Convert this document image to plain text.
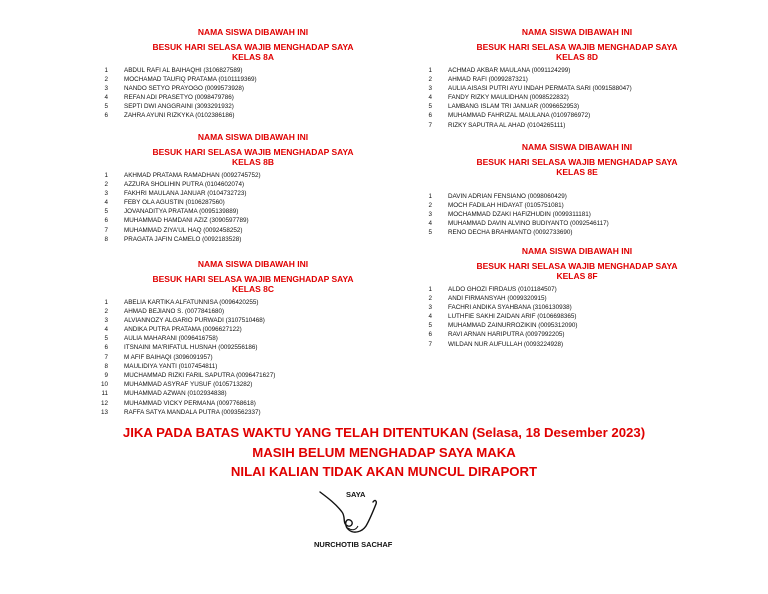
NAMA SISWA DIBAWAH INI
BESUK HARI SELASA WAJIB MENGHADAP SAYA
KELAS 8A
1	ABDUL RAFI AL BAIHAQHI (3106827589)
2	MOCHAMAD TAUFIQ PRATAMA (0101119369)
3	NANDO SETYO PRAYOGO (0099573928)
4	REFAN ADI PRASETYO (0098479786)
5	SEPTI DWI ANGGRAINI (3093291932)
6	ZAHRA AYUNI RIZKYKA (0102386186)
NAMA SISWA DIBAWAH INI
BESUK HARI SELASA WAJIB MENGHADAP SAYA
KELAS 8B
1	AKHMAD PRATAMA RAMADHAN (0092745752)
2	AZZURA SHOLIHIN PUTRA (0104602074)
3	FAKHRI MAULANA JANUAR (0104732723)
4	FEBY OLA AGUSTIN (0106287560)
5	JOVANADITYA PRATAMA (0095139889)
6	MUHAMMAD HAMDANI AZIZ (3090597789)
7	MUHAMMAD ZIYA'UL HAQ (0092458252)
8	PRAGATA JAFIN CAMELO (0092183528)
NAMA SISWA DIBAWAH INI
BESUK HARI SELASA WAJIB MENGHADAP SAYA
KELAS 8C
1	ABELIA KARTIKA ALFATUNNISA (0096420255)
2	AHMAD BEJIANO S. (0077841680)
3	ALVIANNOZY ALGARIO PURWADI (3107510468)
4	ANDIKA PUTRA PRATAMA (0096627122)
5	AULIA MAHARANI (0096416758)
6	ITSNAINI MA'RIFATUL HUSNAH (0092556186)
7	M AFIF BAIHAQI (3096091957)
8	MAULIDIYA YANTI (0107454811)
9	MUCHAMMAD RIZKI FARIL SAPUTRA (0096471627)
10	MUHAMMAD ASYRAF YUSUF (0105713282)
11	MUHAMMAD AZWAN (0102934838)
12	MUHAMMAD VICKY PERMANA (0097768618)
13	RAFFA SATYA MANDALA PUTRA (0093562337)
NAMA SISWA DIBAWAH INI
BESUK HARI SELASA WAJIB MENGHADAP SAYA
KELAS 8D
1	ACHMAD AKBAR MAULANA (0091124299)
2	AHMAD RAFI (0099287321)
3	AULIA AISASI PUTRI AYU INDAH PERMATA SARI (0091588047)
4	FANDY RIZKY MAULIDHAN (0098522832)
5	LAMBANG ISLAM TRI JANUAR (0096652953)
6	MUHAMMAD FAHRIZAL MAULANA (0109786972)
7	RIZKY SAPUTRA AL AHAD (0104265111)
NAMA SISWA DIBAWAH INI
BESUK HARI SELASA WAJIB MENGHADAP SAYA
KELAS 8E
1	DAVIN ADRIAN FENSIANO (0098060429)
2	MOCH FADILAH HIDAYAT (0105751081)
3	MOCHAMMAD DZAKI HAFIZHUDIN (0099311181)
4	MUHAMMAD DAVIN ALVINO BUDIYANTO (0092546117)
5	RENO DECHA BRAHMANTO (0092733690)
NAMA SISWA DIBAWAH INI
BESUK HARI SELASA WAJIB MENGHADAP SAYA
KELAS 8F
1	ALDO GHOZI FIRDAUS (0101184507)
2	ANDI FIRMANSYAH (0099320915)
3	FACHRI ANDIKA SYAHBANA (3106130938)
4	LUTHFIE SAKHI ZAIDAN ARIF (0106698365)
5	MUHAMMAD ZAINURROZIKIN (0095312090)
6	RAVI ARNAN HARIPUTRA (0097992205)
7	WILDAN NUR AUFULLAH (0093224928)
JIKA PADA BATAS WAKTU YANG TELAH DITENTUKAN (Selasa, 18 Desember 2023)
MASIH BELUM MENGHADAP SAYA MAKA
NILAI KALIAN TIDAK AKAN MUNCUL DIRAPORT
SAYA
NURCHOTIB SACHAF
